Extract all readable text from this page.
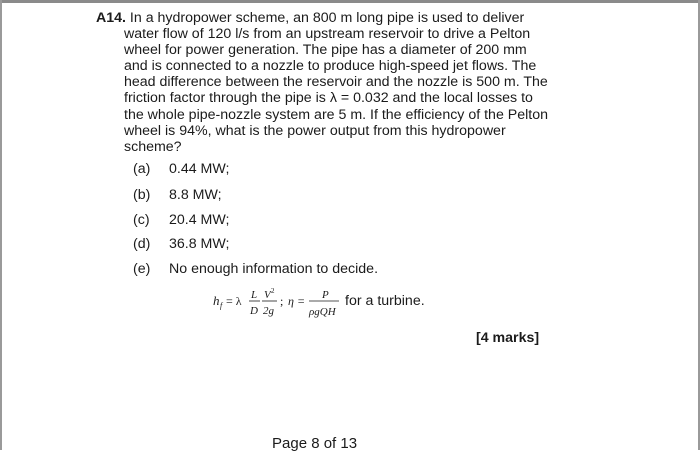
A14. In a hydropower scheme, an 800 m long pipe is used to deliver
water flow of 120 l/s from an upstream reservoir to drive a Pelton
wheel for power generation. The pipe has a diameter of 200 mm
and is connected to a nozzle to produce high-speed jet flows. The
head difference between the reservoir and the nozzle is 500 m. The
friction factor through the pipe is λ = 0.032 and the local losses to
the whole pipe-nozzle system are 5 m. If the efficiency of the Pelton
wheel is 94%, what is the power output from this hydropower
scheme?
(a) 0.44 MW;
(b) 8.8 MW;
(c) 20.4 MW;
(d) 36.8 MW;
(e) No enough information to decide.
h f = λ L
D
V 2
2g
; η = P
ρgQH
for a turbine.
[4 marks]
Page 8 of 13
